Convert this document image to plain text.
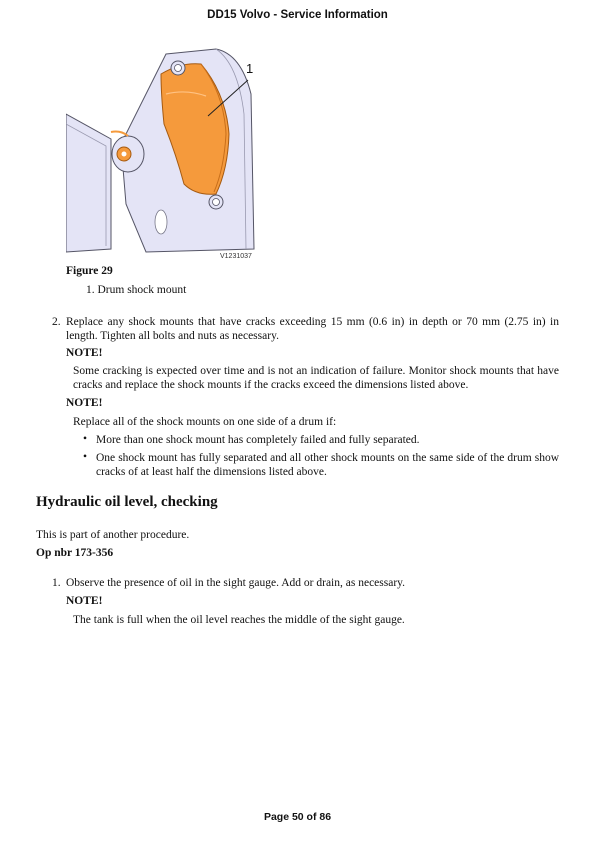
DD15 Volvo - Service Information
1
V1231037
Figure 29
1. Drum shock mount
2. Replace any shock mounts that have cracks exceeding 15 mm (0.6 in) in depth or 70 mm (2.75 in) in length. Tighten all bolts and nuts as necessary.
NOTE!
Some cracking is expected over time and is not an indication of failure. Monitor shock mounts that have cracks and replace the shock mounts if the cracks exceed the dimensions listed above.
NOTE!
Replace all of the shock mounts on one side of a drum if:
• More than one shock mount has completely failed and fully separated.
• One shock mount has fully separated and all other shock mounts on the same side of the drum show cracks of at least half the dimensions listed above.
Hydraulic oil level, checking
This is part of another procedure.
Op nbr 173-356
1. Observe the presence of oil in the sight gauge. Add or drain, as necessary.
NOTE!
The tank is full when the oil level reaches the middle of the sight gauge.
Page 50 of 86
